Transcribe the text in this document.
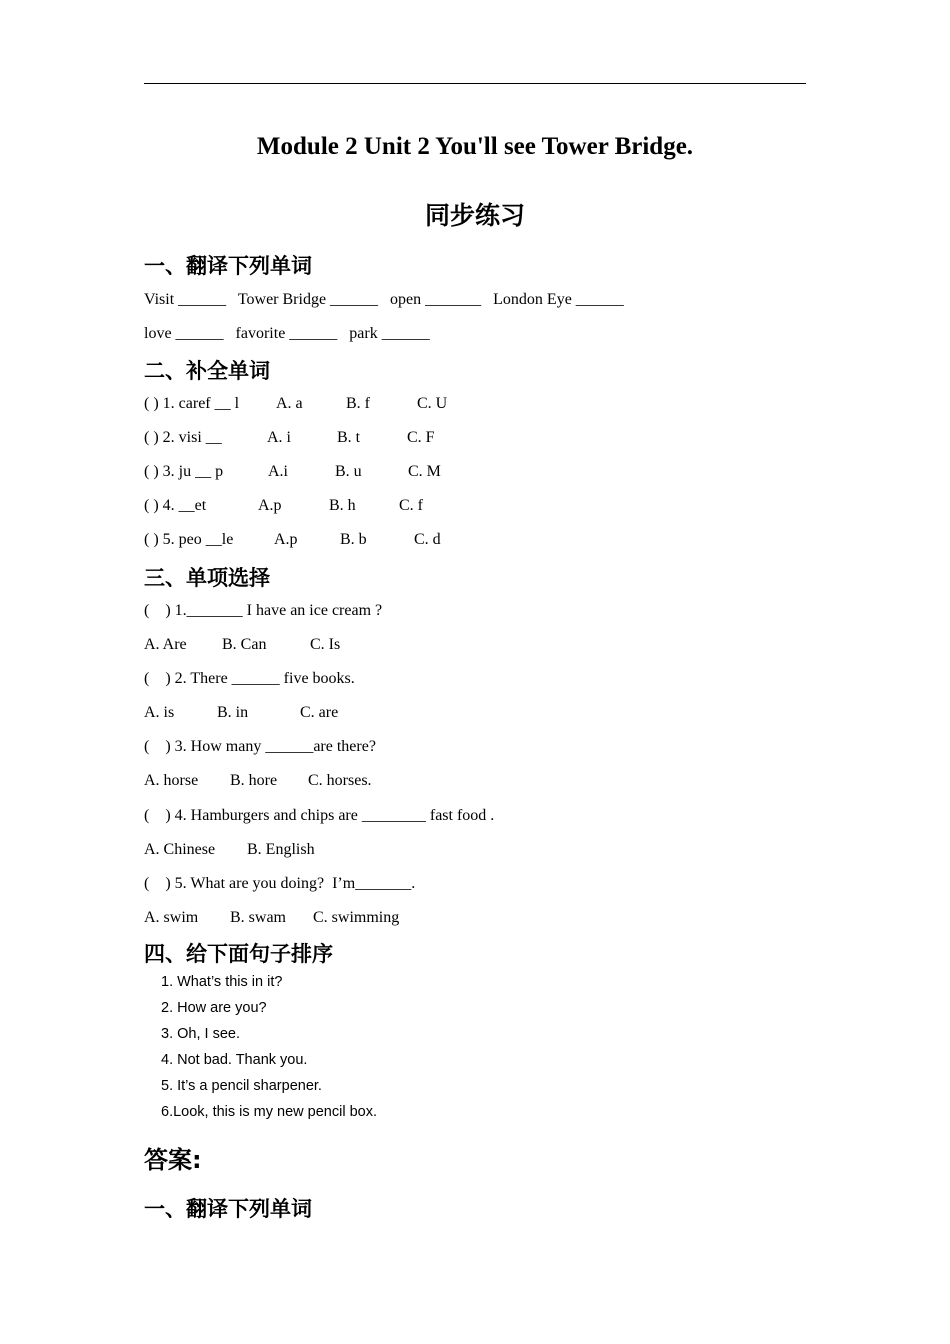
Module 2 Unit 2 You'll see Tower Bridge.
同步练习
一、翻译下列单词
Visit ______   Tower Bridge ______   open _______   London Eye ______
love ______   favorite ______   park ______
二、补全单词
( ) 1. caref __ l A. a	B. f	C. U
( ) 2. visi __	A. i	B. t	C. F
( ) 3. ju __ p	A.i	B. u	C. M
( ) 4. __et	A.p	B. h	C. f
( ) 5. peo __le	A.p	B. b	C. d
三、单项选择
(    ) 1._______ I have an ice cream ?
A. Are B. Can	C. Is
(    ) 2. There ______ five books.
A. is	B. in	C. are
(    ) 3. How many ______are there?
A. horse B. hore C. horses.
(    ) 4. Hamburgers and chips are ________ fast food .
A. Chinese B. English
(    ) 5. What are you doing?  I’m_______.
A. swim B. swam C. swimming
四、给下面句子排序
1. What’s this in it?
2. How are you?
3. Oh, I see.
4. Not bad. Thank you.
5. It’s a pencil sharpener.
6.Look, this is my new pencil box.
答案:
一、翻译下列单词
